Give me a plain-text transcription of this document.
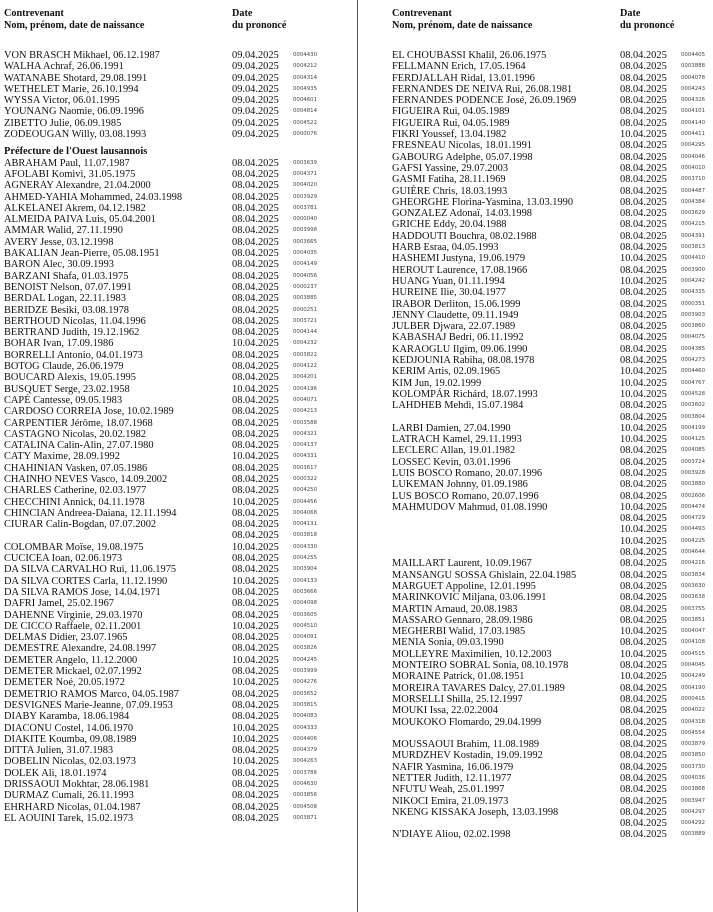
Contrevenant
Nom, prénom, date de naissance
Date
du prononcé
VON BRASCH Mikhael, 06.12.1987	09.04.2025	0004430
WALHA Achraf, 26.06.1991	09.04.2025	0004212
WATANABE Shotard, 29.08.1991	09.04.2025	0004314
WETHELET Marie, 26.10.1994	09.04.2025	0004935
WYSSA Victor, 06.01.1995	09.04.2025	0004601
YOUNANG Naomie, 06.09.1996	09.04.2025	0004814
ZIBETTO Julie, 06.09.1985	09.04.2025	0004522
ZODEOUGAN Willy, 03.08.1993	09.04.2025	0000076
Préfecture de l'Ouest lausannois
ABRAHAM Paul, 11.07.1987	08.04.2025	0003639
AFOLABI Komivi, 31.05.1975	08.04.2025	0004371
AGNERAY Alexandre, 21.04.2000	08.04.2025	0004020
AHMED-YAHIA Mohammed, 24.03.1998	08.04.2025	0003929
ALKELANEI Akrem, 04.12.1982	08.04.2025	0003781
ALMEIDA PAIVA Luis, 05.04.2001	08.04.2025	0000040
AMMAR Walid, 27.11.1990	08.04.2025	0003998
AVERY Jesse, 03.12.1998	08.04.2025	0003665
BAKALIAN Jean-Pierre, 05.08.1951	08.04.2025	0004035
BARON Alec, 30.09.1993	08.04.2025	0004149
BARZANI Shafa, 01.03.1975	08.04.2025	0004056
BENOIST Nelson, 07.07.1991	08.04.2025	0000237
BERDAL Logan, 22.11.1983	08.04.2025	0003885
BERIDZE Besiki, 03.08.1978	08.04.2025	0000251
BERTHOUD Nicolas, 11.04.1996	08.04.2025	0003721
BERTRAND Judith, 19.12.1962	08.04.2025	0004144
BOHAR Ivan, 17.09.1986	10.04.2025	0004232
BORRELLI Antonio, 04.01.1973	08.04.2025	0003822
BOTOG Claude, 26.06.1979	08.04.2025	0004122
BOUCARD Alexis, 19.05.1995	08.04.2025	0004201
BUSQUET Serge, 23.02.1958	10.04.2025	0004196
CAPÉ Cantesse, 09.05.1983	08.04.2025	0004071
CARDOSO CORREIA Jose, 10.02.1989	08.04.2025	0004213
CARPENTIER Jérôme, 18.07.1968	08.04.2025	0003588
CASTAGNO Nicolas, 20.02.1982	08.04.2025	0004321
CATALINA Calin-Alin, 27.07.1980	08.04.2025	0004137
CATY Maxime, 28.09.1992	10.04.2025	0004331
CHAHINIAN Vasken, 07.05.1986	08.04.2025	0003617
CHAINHO NEVES Vasco, 14.09.2002	08.04.2025	0000322
CHARLES Catherine, 02.03.1977	08.04.2025	0004250
CHECCHINI Annick, 04.11.1978	10.04.2025	0004456
CHINCIAN Andreea-Daiana, 12.11.1994	08.04.2025	0004068
CIURAR Calin-Bogdan, 07.07.2002	08.04.2025	0004131
08.04.2025	0003818
COLOMBAR Moïse, 19.08.1975	10.04.2025	0004330
CUCICEA Ioan, 02.06.1973	08.04.2025	0004255
DA SILVA CARVALHO Rui, 11.06.1975	08.04.2025	0003904
DA SILVA CORTES Carla, 11.12.1990	10.04.2025	0004133
DA SILVA RAMOS Jose, 14.04.1971	08.04.2025	0003666
DAFRI Jamel, 25.02.1967	08.04.2025	0004098
DAHENNE Virginie, 29.03.1970	08.04.2025	0003605
DE CICCO Raffaele, 02.11.2001	10.04.2025	0004510
DELMAS Didier, 23.07.1965	08.04.2025	0004091
DEMESTRE Alexandre, 24.08.1997	08.04.2025	0003826
DEMETER Angelo, 11.12.2000	10.04.2025	0004245
DEMETER Mickael, 02.07.1992	08.04.2025	0003999
DEMETER Noé, 20.05.1972	10.04.2025	0004276
DEMETRIO RAMOS Marco, 04.05.1987	08.04.2025	0003652
DESVIGNES Marie-Jeanne, 07.09.1953	08.04.2025	0003815
DIABY Karamba, 18.06.1984	08.04.2025	0004083
DIACONU Costel, 14.06.1970	10.04.2025	0004333
DIAKITE Koumba, 09.08.1989	10.04.2025	0004406
DITTA Julien, 31.07.1983	08.04.2025	0004379
DOBELIN Nicolas, 02.03.1973	10.04.2025	0004263
DOLEK Ali, 18.01.1974	08.04.2025	0003786
DRISSAOUI Mokhtar, 28.06.1981	08.04.2025	0004630
DURMAZ Cumali, 26.11.1993	08.04.2025	0003856
EHRHARD Nicolas, 01.04.1987	08.04.2025	0004508
EL AOUINI Tarek, 15.02.1973	08.04.2025	0003871
Contrevenant
Nom, prénom, date de naissance
Date
du prononcé
EL CHOUBASSI Khalil, 26.06.1975	08.04.2025	0004405
FELLMANN Erich, 17.05.1964	08.04.2025	0003888
FERDJALLAH Ridal, 13.01.1996	08.04.2025	0004078
FERNANDES DE NEIVA Rui, 26.08.1981	08.04.2025	0004243
FERNANDES PODENCE José, 26.09.1969	08.04.2025	0004326
FIGUEIRA Rui, 04.05.1989	08.04.2025	0004101
FIGUEIRA Rui, 04.05.1989	08.04.2025	0004140
FIKRI Youssef, 13.04.1982	10.04.2025	0004411
FRESNEAU Nicolas, 18.01.1991	08.04.2025	0004295
GABOURG Adelphe, 05.07.1998	08.04.2025	0004046
GAFSI Yassine, 29.07.2003	08.04.2025	0004010
GASMI Fatiha, 28.11.1969	08.04.2025	0003710
GUIÈRE Chris, 18.03.1993	08.04.2025	0004487
GHEORGHE Florina-Yasmina, 13.03.1990	08.04.2025	0004384
GONZALEZ Adonaï, 14.03.1998	08.04.2025	0003629
GRICHE Eddy, 20.04.1988	08.04.2025	0004215
HADDOUTI Bouchra, 08.02.1988	08.04.2025	0004391
HARB Esraa, 04.05.1993	08.04.2025	0003813
HASHEMI Justyna, 19.06.1979	10.04.2025	0004410
HEROUT Laurence, 17.08.1966	08.04.2025	0003900
HUANG Yuan, 01.11.1994	10.04.2025	0004242
HUREINE Ilie, 30.04.1977	08.04.2025	0004335
IRABOR Derliton, 15.06.1999	08.04.2025	0000351
JENNY Claudette, 09.11.1949	08.04.2025	0003903
JULBER Djwara, 22.07.1989	08.04.2025	0003860
KABASHAJ Bedri, 06.11.1992	08.04.2025	0004075
KARAOGLU Ilgim, 09.06.1990	08.04.2025	0004385
KEDJOUNIA Rabiha, 08.08.1978	08.04.2025	0004273
KERIM Artis, 02.09.1965	10.04.2025	0004460
KIM Jun, 19.02.1999	10.04.2025	0004767
KOLOMPÁR Richárd, 18.07.1993	10.04.2025	0004528
LAHDHEB Mehdi, 15.07.1984	08.04.2025	0003602
08.04.2025	0003804
LARBI Damien, 27.04.1990	10.04.2025	0004199
LATRACH Kamel, 29.11.1993	10.04.2025	0004125
LECLERC Allan, 19.01.1982	08.04.2025	0004085
LOSSEC Kevin, 03.01.1996	08.04.2025	0003724
LUIS BOSCO Romano, 20.07.1996	08.04.2025	0003928
LUKEMAN Johnny, 01.09.1986	08.04.2025	0003880
LUS BOSCO Romano, 20.07.1996	08.04.2025	0002606
MAHMUDOV Mahmud, 01.08.1990	10.04.2025	0004474
08.04.2025	0004729
10.04.2025	0004493
10.04.2025	0004225
08.04.2025	0004644
MAILLART Laurent, 10.09.1967	08.04.2025	0004216
MANSANGU SOSSA Ghislain, 22.04.1985	08.04.2025	0003834
MARGUET Appoline, 12.01.1995	08.04.2025	0003630
MARINKOVIC Miljana, 03.06.1991	08.04.2025	0003638
MARTIN Arnaud, 20.08.1983	08.04.2025	0003755
MASSARO Gennaro, 28.09.1986	08.04.2025	0003851
MEGHERBI Walid, 17.03.1985	10.04.2025	0004047
MENIA Sonia, 09.03.1990	08.04.2025	0004108
MOLLEYRE Maximilien, 10.12.2003	10.04.2025	0004515
MONTEIRO SOBRAL Sonia, 08.10.1978	08.04.2025	0004045
MORAINE Patrick, 01.08.1951	10.04.2025	0004249
MOREIRA TAVARES Dalcy, 27.01.1989	08.04.2025	0004190
MORSELLI Shilla, 25.12.1997	08.04.2025	0000415
MOUKI Issa, 22.02.2004	08.04.2025	0004022
MOUKOKO Flomardo, 29.04.1999	08.04.2025	0004318
08.04.2025	0004554
MOUSSAOUI Brahim, 11.08.1989	08.04.2025	0003879
MURDZHEV Kostadin, 19.09.1992	08.04.2025	0003850
NAFIR Yasmina, 16.06.1979	08.04.2025	0003730
NETTER Judith, 12.11.1977	08.04.2025	0004036
NFUTU Weah, 25.01.1997	08.04.2025	0003868
NIKOCI Emira, 21.09.1973	08.04.2025	0003947
NKENG KISSAKA Joseph, 13.03.1998	08.04.2025	0004297
08.04.2025	0004292
N'DIAYE Aliou, 02.02.1998	08.04.2025	0003889
